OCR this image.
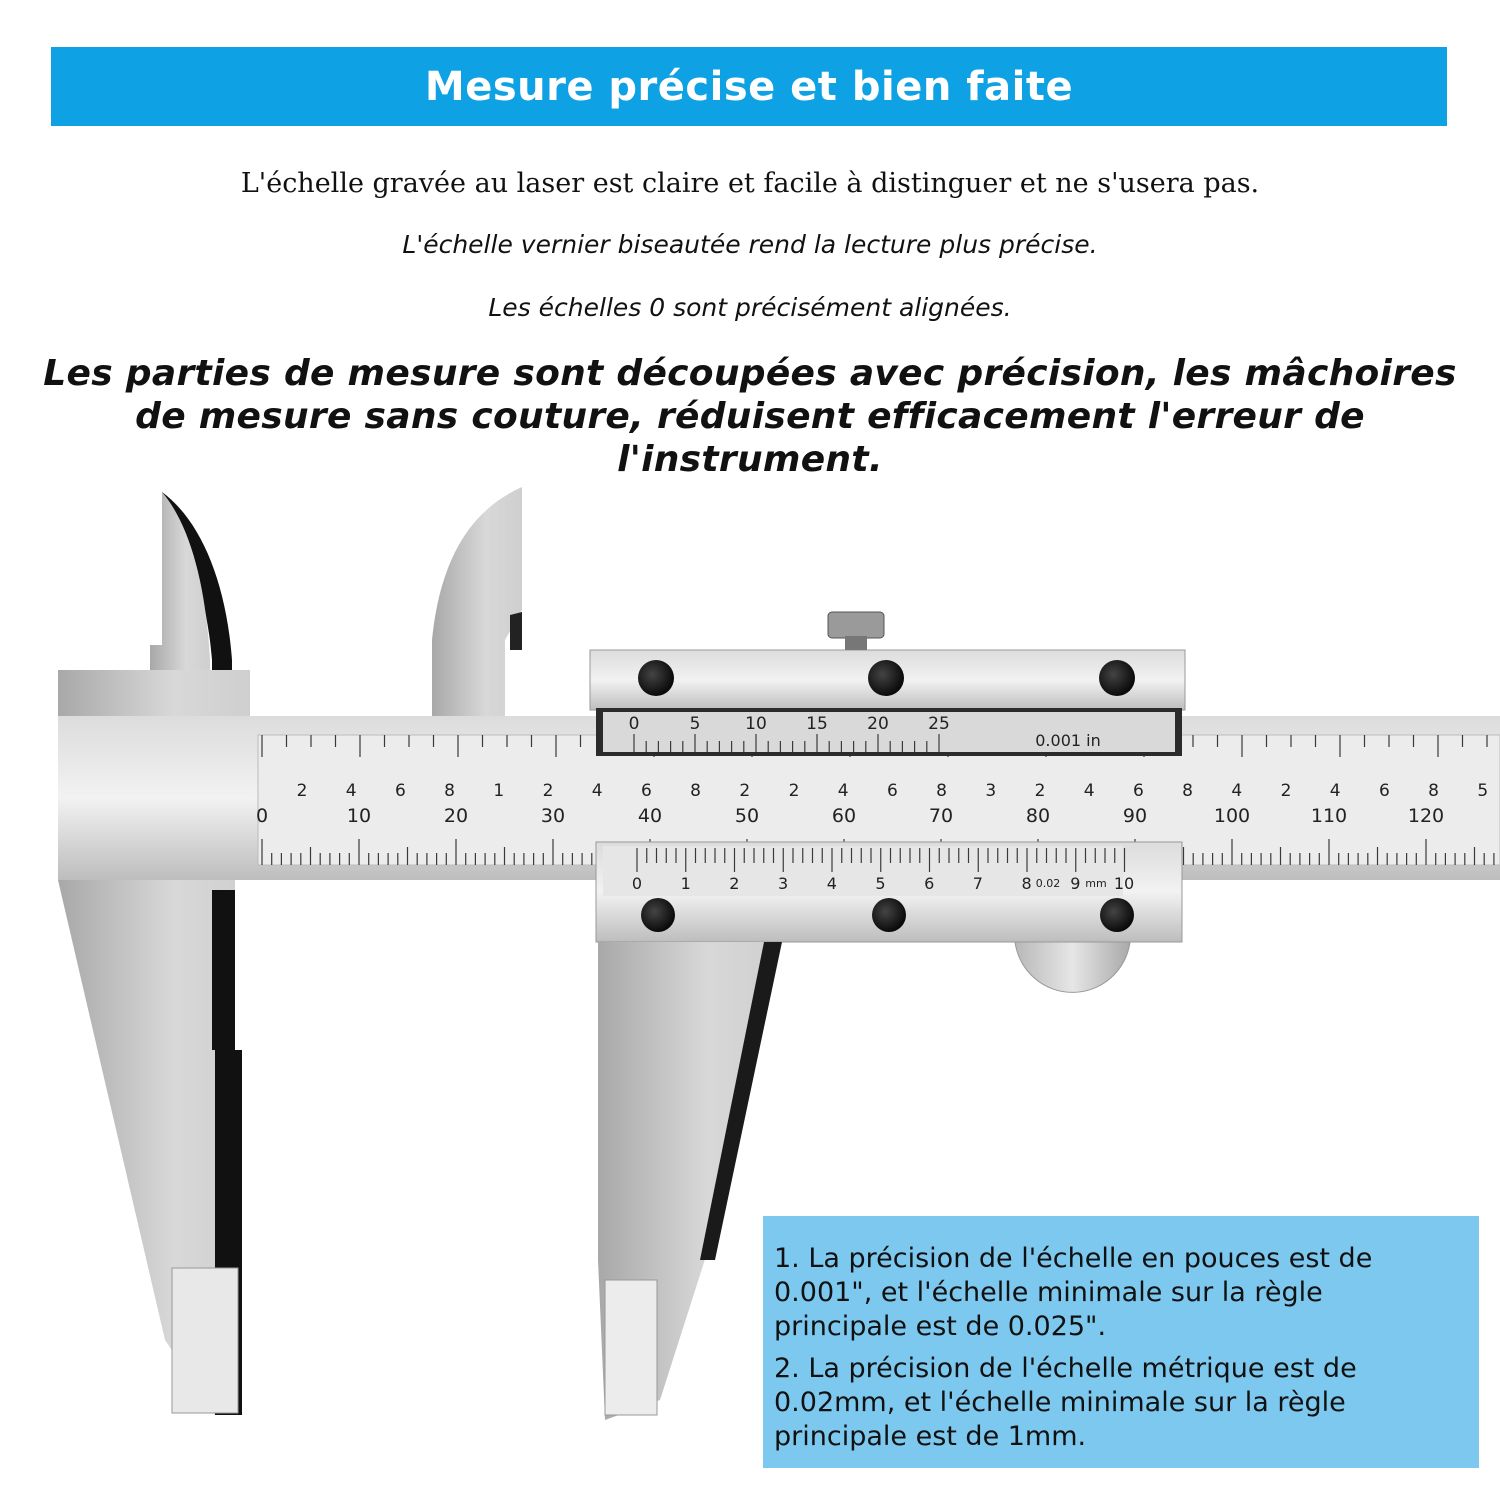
Mesure précise et bien faite
L'échelle gravée au laser est claire et facile à distinguer et ne s'usera pas.
L'échelle vernier biseautée rend la lecture plus précise.
Les échelles 0 sont précisément alignées.
Les parties de mesure sont découpées avec précision, les mâchoires de mesure sans couture, réduisent efficacement l'erreur de l'instrument.
0	10	20	30	40	50	60	70	80	90	100	110	120
2 4 6 8 1 2 4 6 8 2 2 4 6 8 3 2 4 6 8 4 2 4 6 8 5
0	5	10 15 20 25
0.001 in
0 1 2 3 4 5 6 7 8 9 10
0.02 mm

1. La précision de l'échelle en pouces est de 0.001", et l'échelle minimale sur la règle principale est de 0.025".

2. La précision de l'échelle métrique est de 0.02mm, et l'échelle minimale sur la règle principale est de 1mm.
